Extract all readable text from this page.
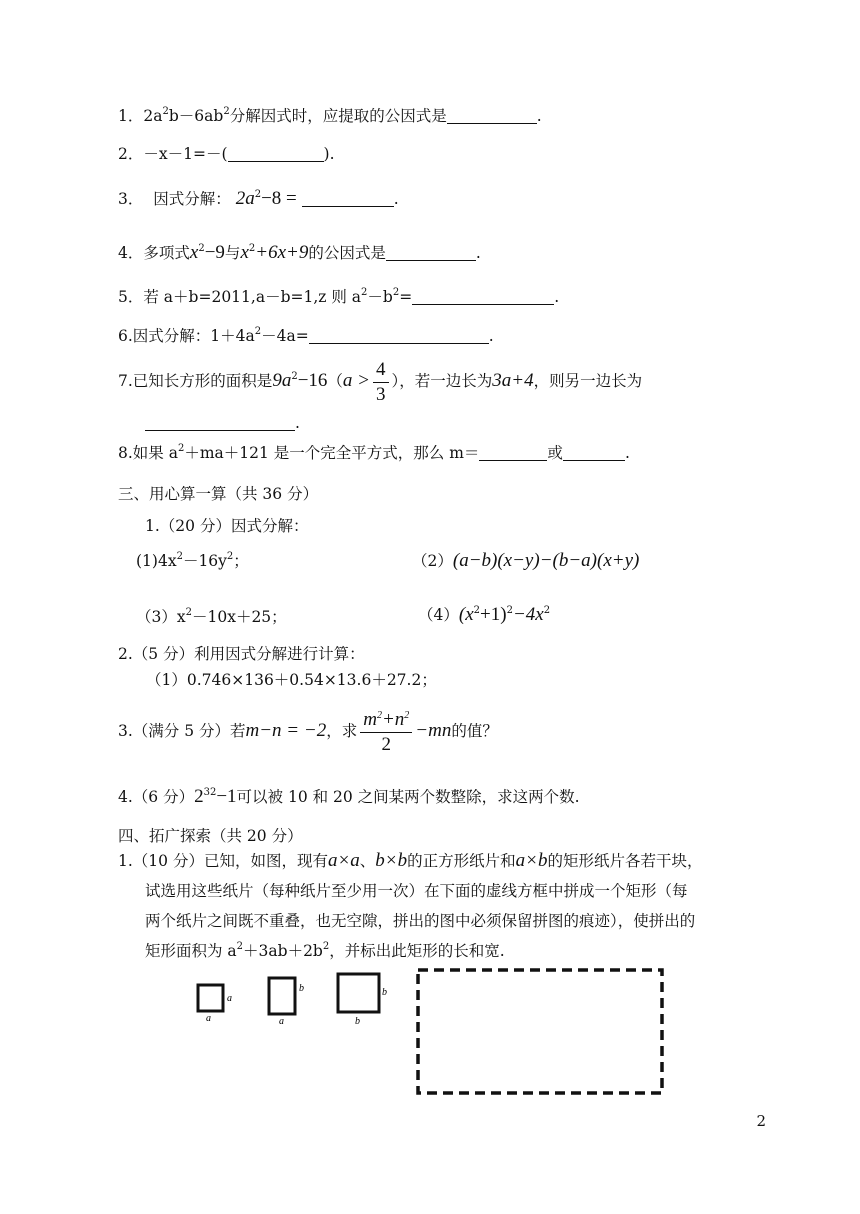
1．$2a^2b-6ab^2$分解因式时，应提取的公因式是	.
2．－x－1=－(	).
3． 因式分解： $2a^2-8$ =	.
4．多项式$x^2-9$与$x^2+6x+9$的公因式是	.
5．若 a＋b=2011,a－b=1,z 则 $a^2-b^2=$	.
6.因式分解：$1+4a^2-4a=$	.
7.已知长方形的面积是$9a^2-16(a > \frac{4}{3}$ ），若一边长为3a+4，则另一边长为
.
8.如果 $a^2+ma+121$ 是一个完全平方式，那么 m＝	或	.
三、用心算一算（共 36 分）
1.（20 分）因式分解：
$(1)4x^2-16y^2$；	（2）(a−b)(x−y)−(b−a)(x+y)
$(3)x^2-10x+25$；	$(4)(x^2+1)^2-4x^2$
2.（5 分）利用因式分解进行计算：
（1）0.746×136＋0.54×13.6＋27.2；
3.（满分 5 分）若m−n = −2，求 $\frac{m^2+n^2}{2} -mn$的值？
4.（6 分）$2^{32}-1$可以被 10 和 20 之间某两个数整除，求这两个数.
四、拓广探索（共 20 分）
1.（10 分）已知，如图，现有a×a、b×b的正方形纸片和a×b的矩形纸片各若干块，
试选用这些纸片（每种纸片至少用一次）在下面的虚线方框中拼成一个矩形（每
两个纸片之间既不重叠，也无空隙，拼出的图中必须保留拼图的痕迹），使拼出的
矩形面积为 $a^2+3ab+2b^2$，并标出此矩形的长和宽.
a
a
b
a
b
b
2
